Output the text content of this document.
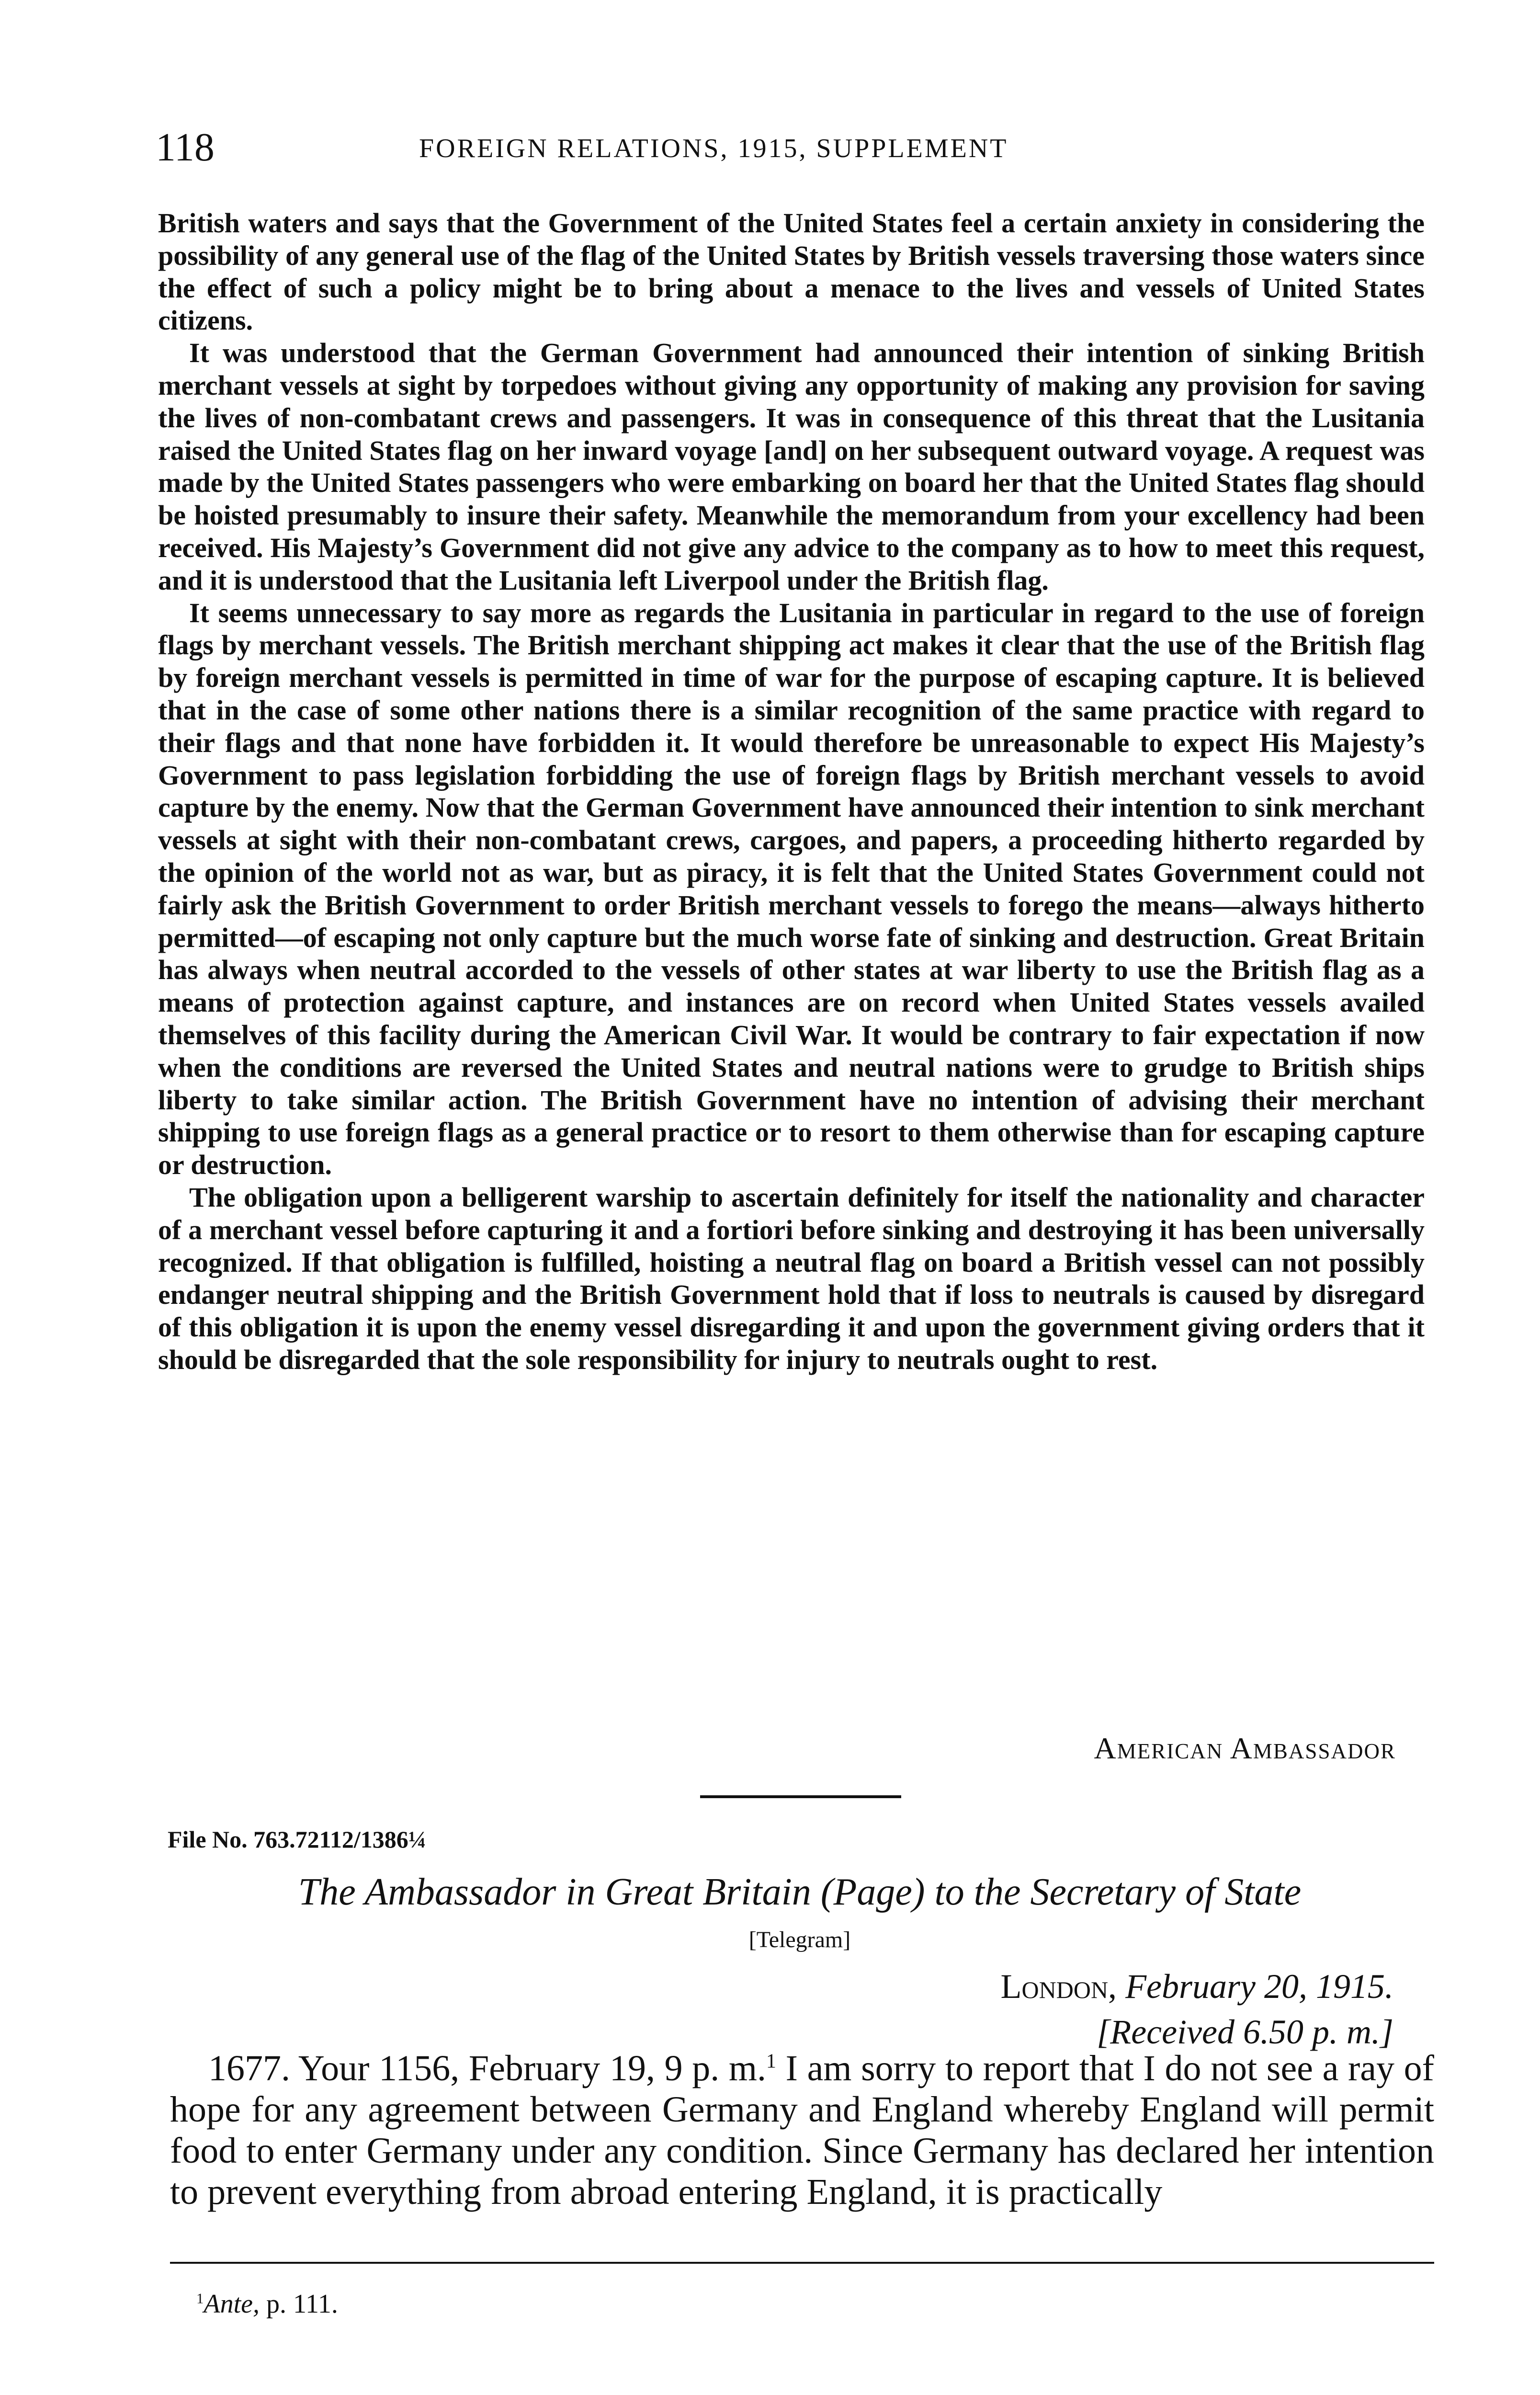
118	FOREIGN RELATIONS, 1915, SUPPLEMENT

British waters and says that the Government of the United States feel a certain anxiety in considering the possibility of any general use of the flag of the United States by British vessels traversing those waters since the effect of such a policy might be to bring about a menace to the lives and vessels of United States citizens.

It was understood that the German Government had announced their intention of sinking British merchant vessels at sight by torpedoes without giving any opportunity of making any provision for saving the lives of non-combatant crews and passengers. It was in consequence of this threat that the Lusitania raised the United States flag on her inward voyage [and] on her subsequent outward voyage. A request was made by the United States passengers who were embarking on board her that the United States flag should be hoisted presumably to insure their safety. Meanwhile the memorandum from your excellency had been received. His Majesty’s Government did not give any advice to the company as to how to meet this request, and it is understood that the Lusitania left Liverpool under the British flag.

It seems unnecessary to say more as regards the Lusitania in particular in regard to the use of foreign flags by merchant vessels. The British merchant shipping act makes it clear that the use of the British flag by foreign merchant vessels is permitted in time of war for the purpose of escaping capture. It is believed that in the case of some other nations there is a similar recognition of the same practice with regard to their flags and that none have forbidden it. It would therefore be unreasonable to expect His Majesty’s Government to pass legislation forbidding the use of foreign flags by British merchant vessels to avoid capture by the enemy. Now that the German Government have announced their intention to sink merchant vessels at sight with their non-combatant crews, cargoes, and papers, a proceeding hitherto regarded by the opinion of the world not as war, but as piracy, it is felt that the United States Government could not fairly ask the British Government to order British merchant vessels to forego the means—always hitherto permitted—of escaping not only capture but the much worse fate of sinking and destruction. Great Britain has always when neutral accorded to the vessels of other states at war liberty to use the British flag as a means of protection against capture, and instances are on record when United States vessels availed themselves of this facility during the American Civil War. It would be contrary to fair expectation if now when the conditions are reversed the United States and neutral nations were to grudge to British ships liberty to take similar action. The British Government have no intention of advising their merchant shipping to use foreign flags as a general practice or to resort to them otherwise than for escaping capture or destruction.

The obligation upon a belligerent warship to ascertain definitely for itself the nationality and character of a merchant vessel before capturing it and a fortiori before sinking and destroying it has been universally recognized. If that obligation is fulfilled, hoisting a neutral flag on board a British vessel can not possibly endanger neutral shipping and the British Government hold that if loss to neutrals is caused by disregard of this obligation it is upon the enemy vessel disregarding it and upon the government giving orders that it should be disregarded that the sole responsibility for injury to neutrals ought to rest.

American Ambassador
File No. 763.72112/1386¼
The Ambassador in Great Britain (Page) to the Secretary of State
[Telegram]
London, February 20, 1915.
[Received 6.50 p. m.]

1677. Your 1156, February 19, 9 p. m.$^1$ I am sorry to report that I do not see a ray of hope for any agreement between Germany and England whereby England will permit food to enter Germany under any condition. Since Germany has declared her intention to prevent everything from abroad entering England, it is practically

$^1$Ante, p. 111.
